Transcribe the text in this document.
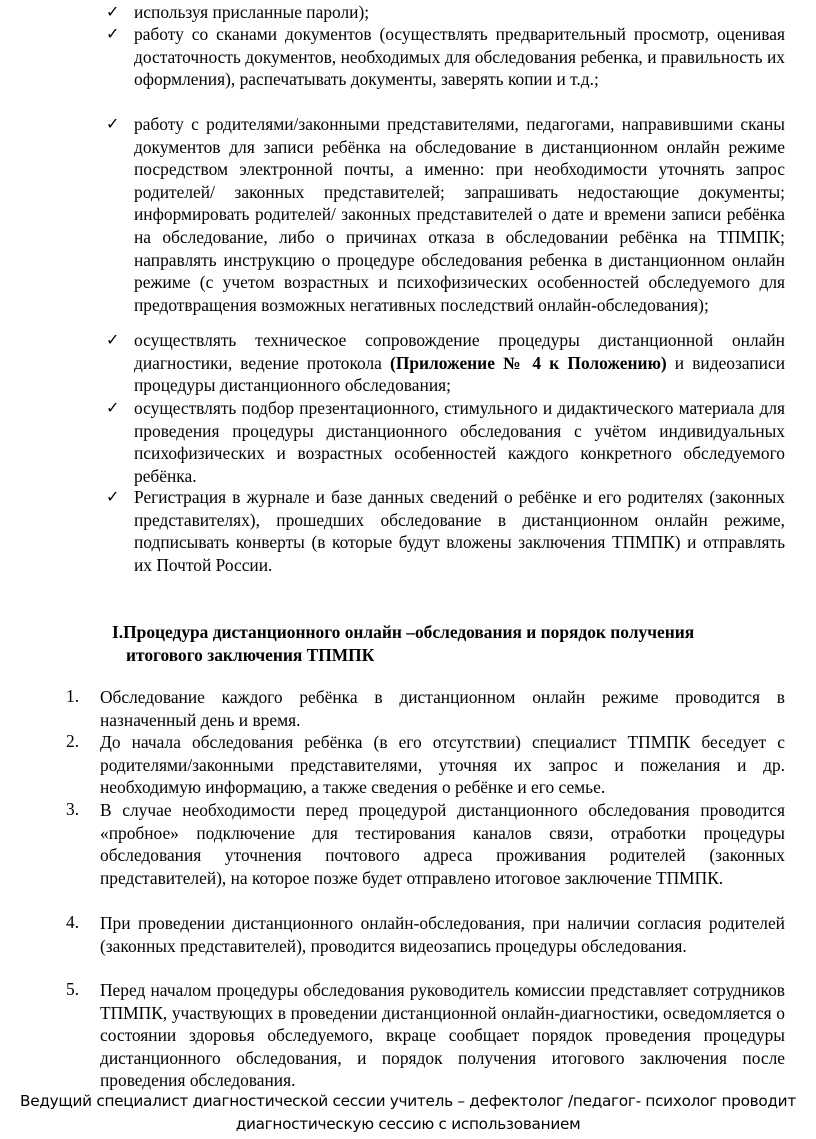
✓ используя присланные пароли);
✓ работу со сканами документов (осуществлять предварительный просмотр, оценивая достаточность документов, необходимых для обследования ребенка, и правильность их оформления), распечатывать документы, заверять копии и т.д.;
✓ работу с родителями/законными представителями, педагогами, направившими сканы документов для записи ребёнка на обследование в дистанционном онлайн режиме посредством электронной почты, а именно: при необходимости уточнять запрос родителей/ законных представителей; запрашивать недостающие документы; информировать родителей/ законных представителей о дате и времени записи ребёнка на обследование, либо о причинах отказа в обследовании ребёнка на ТПМПК; направлять инструкцию о процедуре обследования ребенка в дистанционном онлайн режиме (с учетом возрастных и психофизических особенностей обследуемого для предотвращения возможных негативных последствий онлайн-обследования);
✓ осуществлять техническое сопровождение процедуры дистанционной онлайн диагностики, ведение протокола (Приложение № 4 к Положению) и видеозаписи процедуры дистанционного обследования;
✓ осуществлять подбор презентационного, стимульного и дидактического материала для проведения процедуры дистанционного обследования с учётом индивидуальных психофизических и возрастных особенностей каждого конкретного обследуемого ребёнка.
✓ Регистрация в журнале и базе данных сведений о ребёнке и его родителях (законных представителях), прошедших обследование в дистанционном онлайн режиме, подписывать конверты (в которые будут вложены заключения ТПМПК) и отправлять их Почтой России.
I.Процедура дистанционного онлайн –обследования и порядок получения
итогового заключения ТПМПК
1. Обследование каждого ребёнка в дистанционном онлайн режиме проводится в назначенный день и время.
2. До начала обследования ребёнка (в его отсутствии) специалист ТПМПК беседует с родителями/законными представителями, уточняя их запрос и пожелания и др. необходимую информацию, а также сведения о ребёнке и его семье.
3. В случае необходимости перед процедурой дистанционного обследования проводится «пробное» подключение для тестирования каналов связи, отработки процедуры обследования уточнения почтового адреса проживания родителей (законных представителей), на которое позже будет отправлено итоговое заключение ТПМПК.
4. При проведении дистанционного онлайн-обследования, при наличии согласия родителей (законных представителей), проводится видеозапись процедуры обследования.
5. Перед началом процедуры обследования руководитель комиссии представляет сотрудников ТПМПК, участвующих в проведении дистанционной онлайн-диагностики, осведомляется о состоянии здоровья обследуемого, вкраце сообщает порядок проведения процедуры дистанционного обследования, и порядок получения итогового заключения после проведения обследования.
Ведущий специалист диагностической сессии учитель – дефектолог /педагог- психолог проводит
диагностическую сессию с использованием
